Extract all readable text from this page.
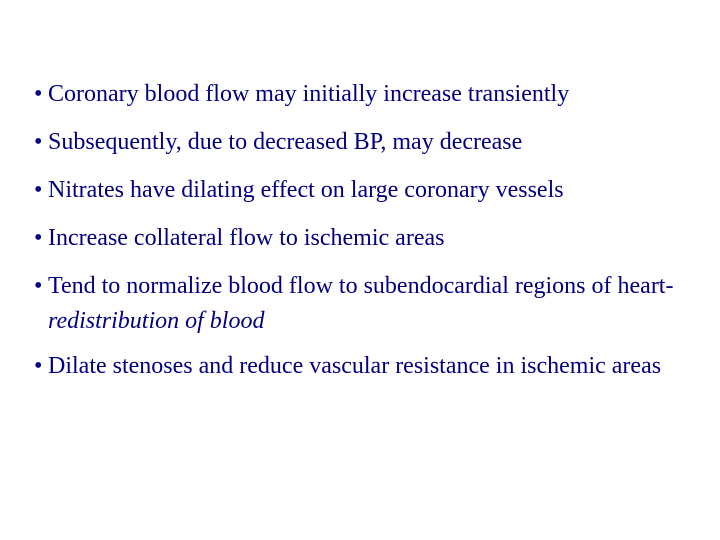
• Coronary blood flow may initially increase transiently
• Subsequently, due to decreased BP, may decrease
• Nitrates have dilating effect on large coronary vessels
• Increase collateral flow to ischemic areas
• Tend to normalize blood flow to subendocardial regions of heart- redistribution of blood
• Dilate stenoses and reduce vascular resistance in ischemic areas
